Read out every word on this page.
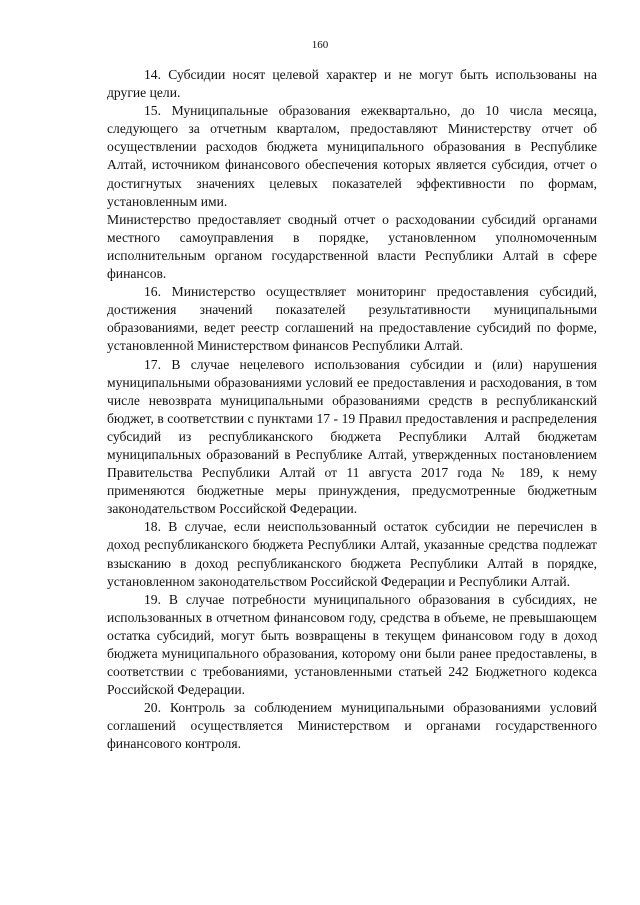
160

14. Субсидии носят целевой характер и не могут быть использованы на другие цели.

15. Муниципальные образования ежеквартально, до 10 числа месяца, следующего за отчетным кварталом, предоставляют Министерству отчет об осуществлении расходов бюджета муниципального образования в Республике Алтай, источником финансового обеспечения которых является субсидия, отчет о достигнутых значениях целевых показателей эффективности по формам, установленным ими.

Министерство предоставляет сводный отчет о расходовании субсидий органами местного самоуправления в порядке, установленном уполномоченным исполнительным органом государственной власти Республики Алтай в сфере финансов.

16. Министерство осуществляет мониторинг предоставления субсидий, достижения значений показателей результативности муниципальными образованиями, ведет реестр соглашений на предоставление субсидий по форме, установленной Министерством финансов Республики Алтай.

17. В случае нецелевого использования субсидии и (или) нарушения муниципальными образованиями условий ее предоставления и расходования, в том числе невозврата муниципальными образованиями средств в республиканский бюджет, в соответствии с пунктами 17 - 19 Правил предоставления и распределения субсидий из республиканского бюджета Республики Алтай бюджетам муниципальных образований в Республике Алтай, утвержденных постановлением Правительства Республики Алтай от 11 августа 2017 года № 189, к нему применяются бюджетные меры принуждения, предусмотренные бюджетным законодательством Российской Федерации.

18. В случае, если неиспользованный остаток субсидии не перечислен в доход республиканского бюджета Республики Алтай, указанные средства подлежат взысканию в доход республиканского бюджета Республики Алтай в порядке, установленном законодательством Российской Федерации и Республики Алтай.

19. В случае потребности муниципального образования в субсидиях, не использованных в отчетном финансовом году, средства в объеме, не превышающем остатка субсидий, могут быть возвращены в текущем финансовом году в доход бюджета муниципального образования, которому они были ранее предоставлены, в соответствии с требованиями, установленными статьей 242 Бюджетного кодекса Российской Федерации.

20. Контроль за соблюдением муниципальными образованиями условий соглашений осуществляется Министерством и органами государственного финансового контроля.
